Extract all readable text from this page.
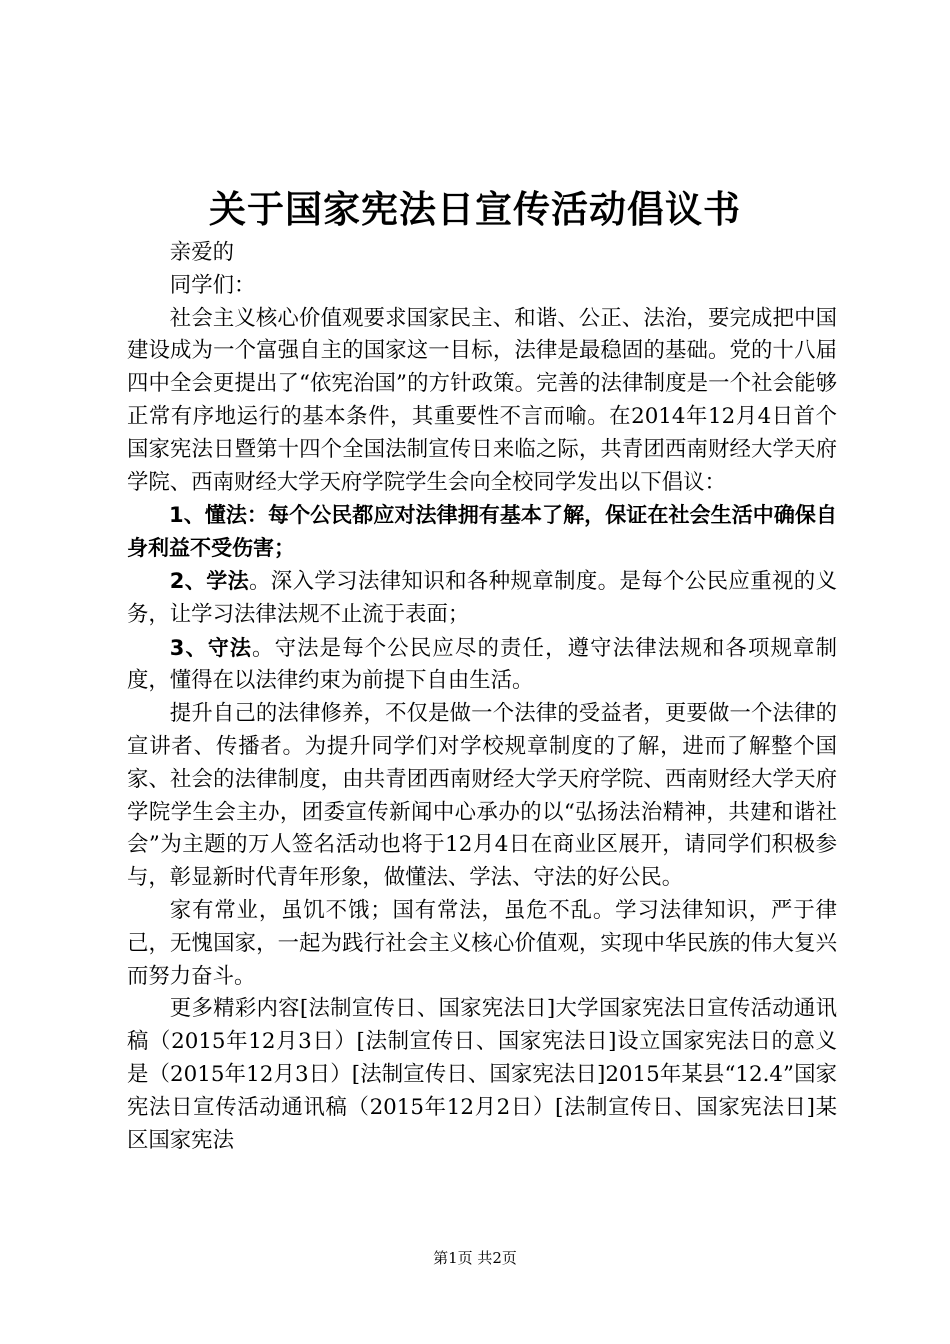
关于国家宪法日宣传活动倡议书

亲爱的

同学们：

社会主义核心价值观要求国家民主、和谐、公正、法治，要完成把中国建设成为一个富强自主的国家这一目标，法律是最稳固的基础。党的十八届四中全会更提出了“依宪治国”的方针政策。完善的法律制度是一个社会能够正常有序地运行的基本条件，其重要性不言而喻。在2014年12月4日首个国家宪法日暨第十四个全国法制宣传日来临之际，共青团西南财经大学天府学院、西南财经大学天府学院学生会向全校同学发出以下倡议：

1、懂法：每个公民都应对法律拥有基本了解，保证在社会生活中确保自身利益不受伤害；

2、学法。深入学习法律知识和各种规章制度。是每个公民应重视的义务，让学习法律法规不止流于表面；

3、守法。守法是每个公民应尽的责任，遵守法律法规和各项规章制度，懂得在以法律约束为前提下自由生活。

提升自己的法律修养，不仅是做一个法律的受益者，更要做一个法律的宣讲者、传播者。为提升同学们对学校规章制度的了解，进而了解整个国家、社会的法律制度，由共青团西南财经大学天府学院、西南财经大学天府学院学生会主办，团委宣传新闻中心承办的以“弘扬法治精神，共建和谐社会”为主题的万人签名活动也将于12月4日在商业区展开，请同学们积极参与，彰显新时代青年形象，做懂法、学法、守法的好公民。

家有常业，虽饥不饿；国有常法，虽危不乱。学习法律知识，严于律己，无愧国家，一起为践行社会主义核心价值观，实现中华民族的伟大复兴而努力奋斗。

更多精彩内容[法制宣传日、国家宪法日]大学国家宪法日宣传活动通讯稿（2015年12月3日）[法制宣传日、国家宪法日]设立国家宪法日的意义是（2015年12月3日）[法制宣传日、国家宪法日]2015年某县“12.4”国家宪法日宣传活动通讯稿（2015年12月2日）[法制宣传日、国家宪法日]某区国家宪法

第1页 共2页
